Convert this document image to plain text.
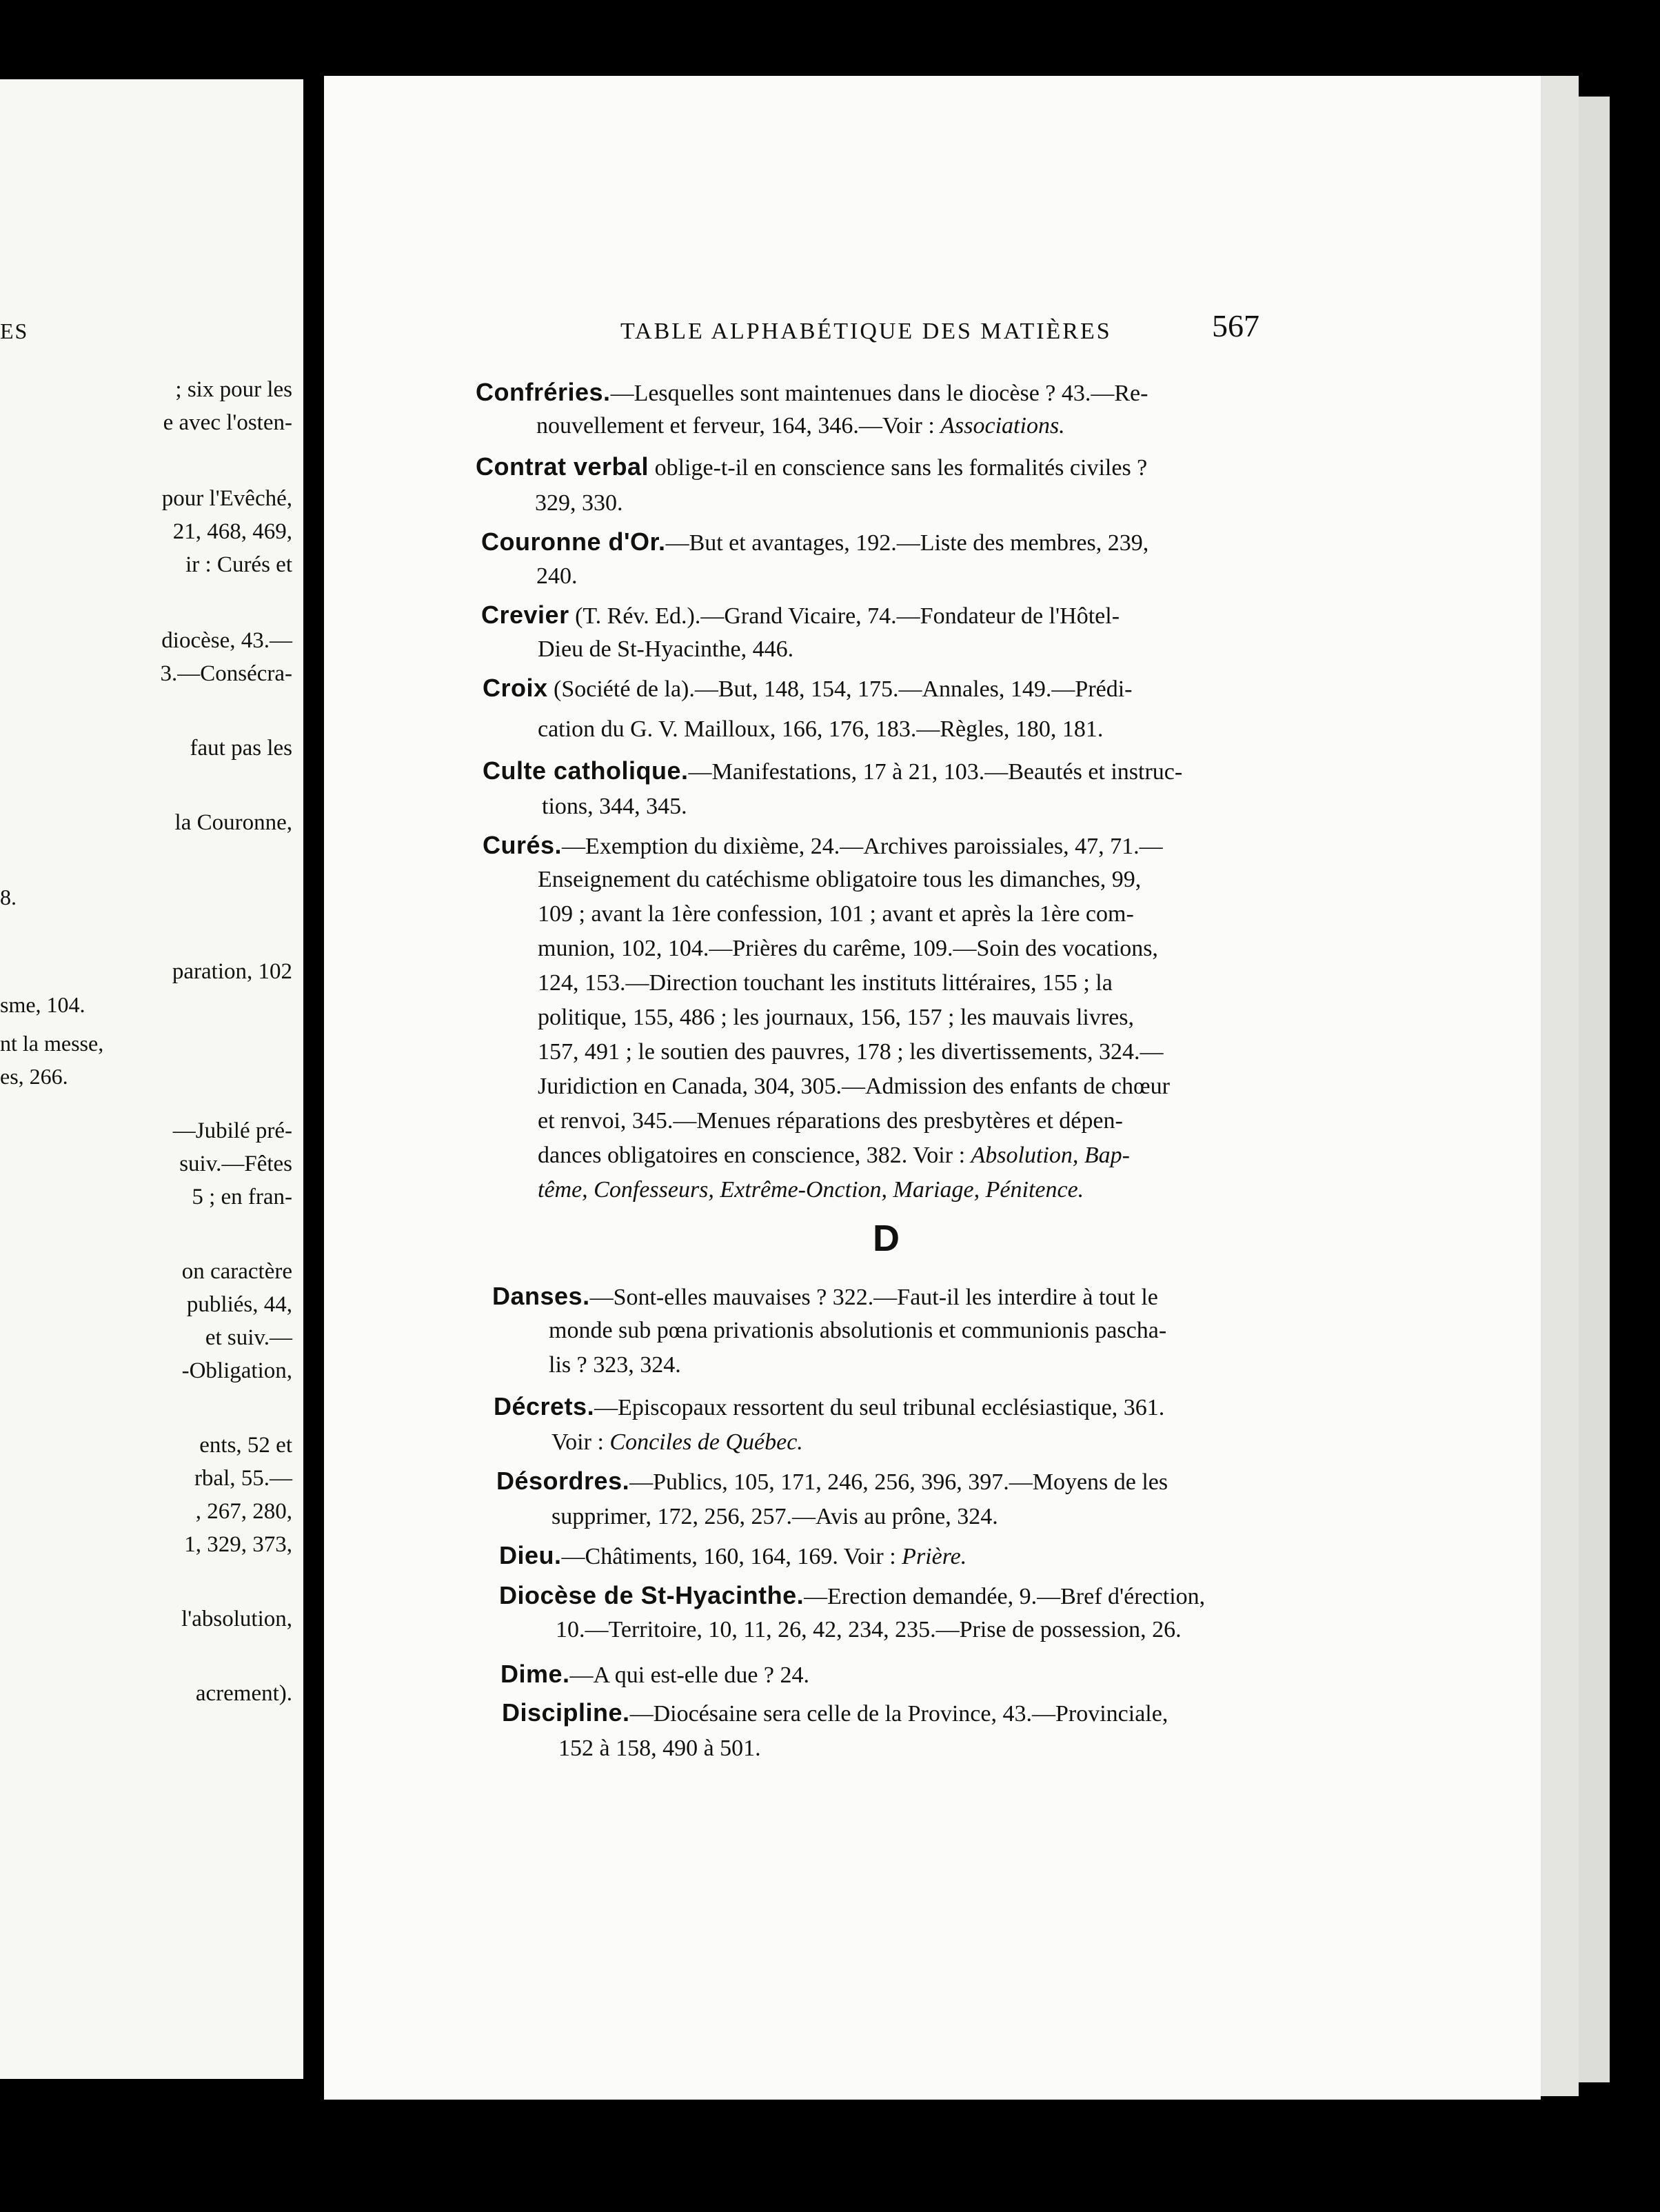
ES
; six pour les
e avec l'osten-
pour l'Evêché,
21, 468, 469,
ir : Curés et
diocèse, 43.—
3.—Consécra-
faut pas les
la Couronne,
8.
paration, 102
sme, 104.
nt la messe,
es, 266.
—Jubilé pré-
suiv.—Fêtes
5 ; en fran-
on caractère
publiés, 44,
et suiv.—
-Obligation,
ents, 52 et
rbal, 55.—
, 267, 280,
1, 329, 373,
l'absolution,
acrement).
TABLE ALPHABÉTIQUE DES MATIÈRES	567
Confréries.—Lesquelles sont maintenues dans le diocèse ? 43.—Re-
nouvellement et ferveur, 164, 346.—Voir : Associations.
Contrat verbal oblige-t-il en conscience sans les formalités civiles ?
329, 330.
Couronne d'Or.—But et avantages, 192.—Liste des membres, 239,
240.
Crevier (T. Rév. Ed.).—Grand Vicaire, 74.—Fondateur de l'Hôtel-
Dieu de St-Hyacinthe, 446.
Croix (Société de la).—But, 148, 154, 175.—Annales, 149.—Prédi-
cation du G. V. Mailloux, 166, 176, 183.—Règles, 180, 181.
Culte catholique.—Manifestations, 17 à 21, 103.—Beautés et instruc-
tions, 344, 345.
Curés.—Exemption du dixième, 24.—Archives paroissiales, 47, 71.—
Enseignement du catéchisme obligatoire tous les dimanches, 99,
109 ; avant la 1ère confession, 101 ; avant et après la 1ère com-
munion, 102, 104.—Prières du carême, 109.—Soin des vocations,
124, 153.—Direction touchant les instituts littéraires, 155 ; la
politique, 155, 486 ; les journaux, 156, 157 ; les mauvais livres,
157, 491 ; le soutien des pauvres, 178 ; les divertissements, 324.—
Juridiction en Canada, 304, 305.—Admission des enfants de chœur
et renvoi, 345.—Menues réparations des presbytères et dépen-
dances obligatoires en conscience, 382. Voir : Absolution, Bap-
tême, Confesseurs, Extrême-Onction, Mariage, Pénitence.
D
Danses.—Sont-elles mauvaises ? 322.—Faut-il les interdire à tout le
monde sub pœna privationis absolutionis et communionis pascha-
lis ? 323, 324.
Décrets.—Episcopaux ressortent du seul tribunal ecclésiastique, 361.
Voir : Conciles de Québec.
Désordres.—Publics, 105, 171, 246, 256, 396, 397.—Moyens de les
supprimer, 172, 256, 257.—Avis au prône, 324.
Dieu.—Châtiments, 160, 164, 169. Voir : Prière.
Diocèse de St-Hyacinthe.—Erection demandée, 9.—Bref d'érection,
10.—Territoire, 10, 11, 26, 42, 234, 235.—Prise de possession, 26.
Dime.—A qui est-elle due ? 24.
Discipline.—Diocésaine sera celle de la Province, 43.—Provinciale,
152 à 158, 490 à 501.
